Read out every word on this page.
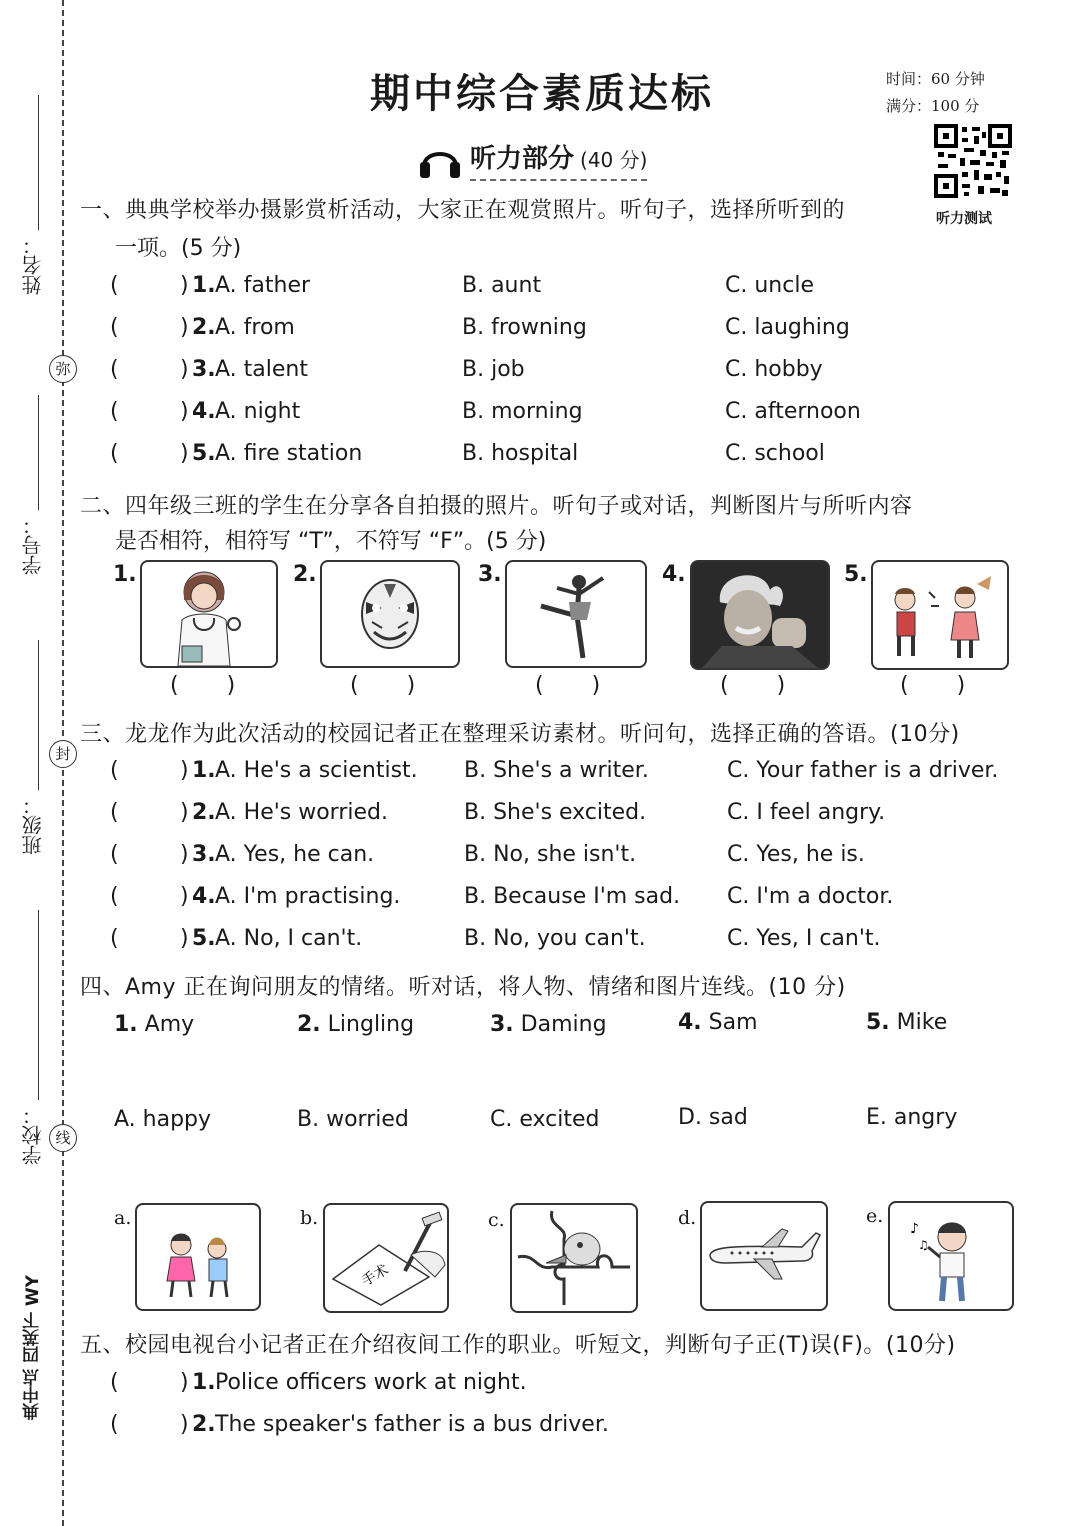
姓名：
弥
学号：
封
班级：
线
学校：
典中点 四英下 WY
期中综合素质达标	时间：60 分钟
满分：100 分
听力测试
听力部分 (40 分)
一、典典学校举办摄影赏析活动，大家正在观赏照片。听句子，选择所听到的
一项。(5 分)
(	) 1. A. father	B. aunt	C. uncle
(	) 2. A. from	B. frowning	C. laughing
(	) 3. A. talent	B. job	C. hobby
(	) 4. A. night	B. morning	C. afternoon
(	) 5. A. fire station	B. hospital	C. school
二、四年级三班的学生在分享各自拍摄的照片。听句子或对话，判断图片与所听内容
是否相符，相符写 “T”，不符写 “F”。(5 分)
1.	2.	3.	4.	5.
( )	( )	( )	( )	( )
三、龙龙作为此次活动的校园记者正在整理采访素材。听问句，选择正确的答语。(10分)
(	) 1. A. He's a scientist. B. She's a writer.	C. Your father is a driver.
(	) 2. A. He's worried.	B. She's excited.	C. I feel angry.
(	) 3. A. Yes, he can.	B. No, she isn't.	C. Yes, he is.
(	) 4. A. I'm practising.	B. Because I'm sad. C. I'm a doctor.
(	) 5. A. No, I can't.	B. No, you can't.	C. Yes, I can't.
四、Amy 正在询问朋友的情绪。听对话，将人物、情绪和图片连线。(10 分)
1. Amy	2. Lingling	3. Daming	4. Sam	5. Mike
A. happy	B. worried	C. excited	D. sad	E. angry
a.	b.
手术
c.	d.	e.
♪
♫
五、校园电视台小记者正在介绍夜间工作的职业。听短文，判断句子正(T)误(F)。(10分)
(	) 1. Police officers work at night.
(	) 2. The speaker's father is a bus driver.
